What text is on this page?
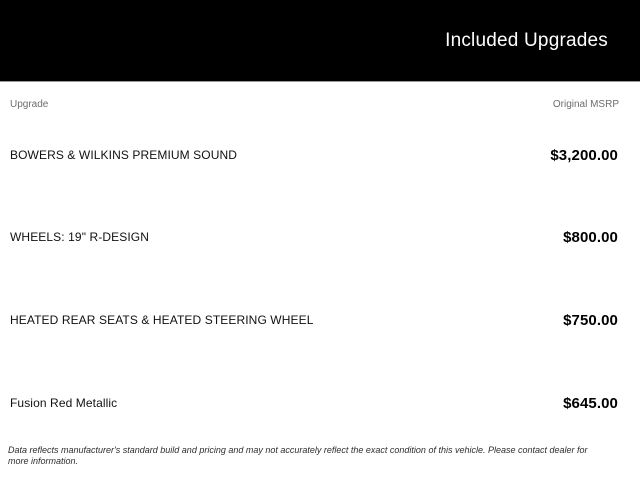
Included Upgrades
Upgrade	Original MSRP
BOWERS & WILKINS PREMIUM SOUND	$3,200.00
WHEELS: 19" R-DESIGN	$800.00
HEATED REAR SEATS & HEATED STEERING WHEEL	$750.00
Fusion Red Metallic	$645.00
Data reflects manufacturer's standard build and pricing and may not accurately reflect the exact condition of this vehicle. Please contact dealer for more information.
